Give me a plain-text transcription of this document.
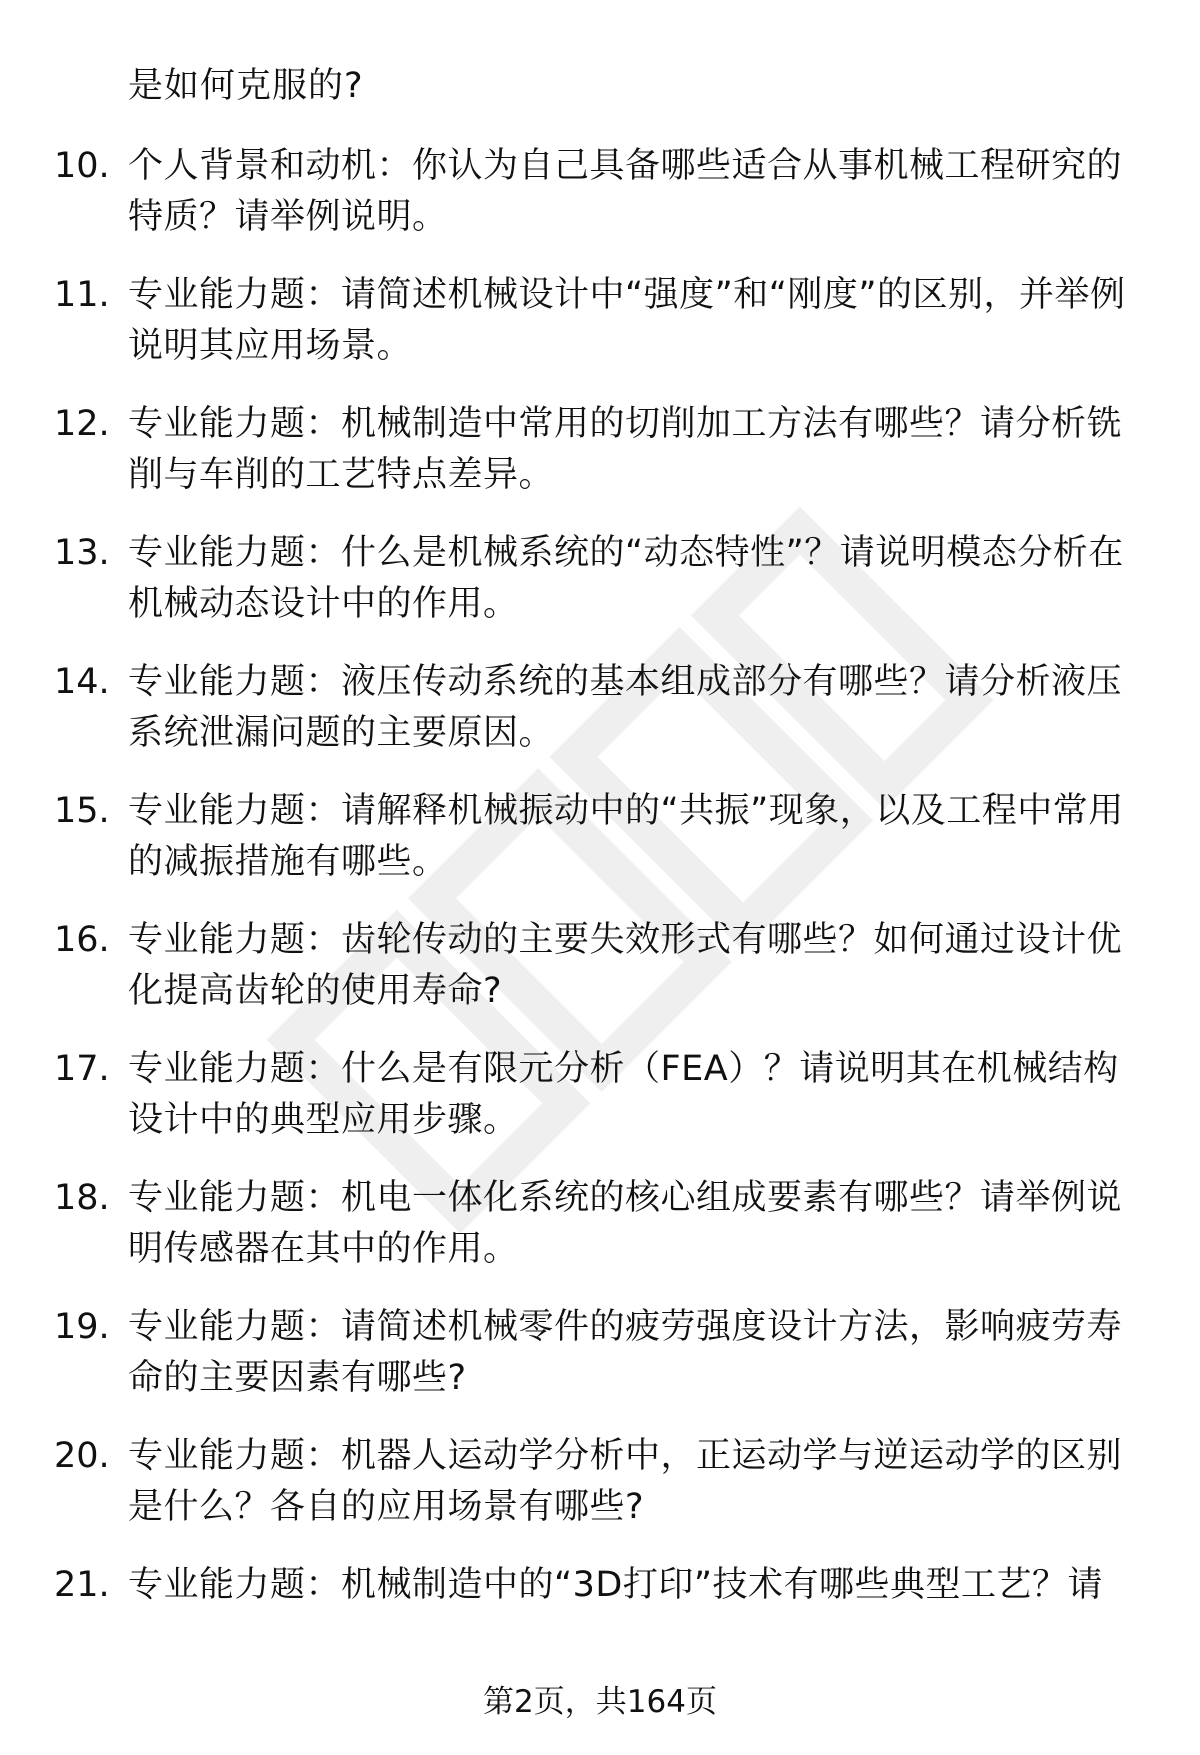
是如何克服的?
10. 个人背景和动机：你认为自己具备哪些适合从事机械工程研究的特质？请举例说明。
11. 专业能力题：请简述机械设计中“强度”和“刚度”的区别，并举例说明其应用场景。
12. 专业能力题：机械制造中常用的切削加工方法有哪些？请分析铣削与车削的工艺特点差异。
13. 专业能力题：什么是机械系统的“动态特性”？请说明模态分析在机械动态设计中的作用。
14. 专业能力题：液压传动系统的基本组成部分有哪些？请分析液压系统泄漏问题的主要原因。
15. 专业能力题：请解释机械振动中的“共振”现象，以及工程中常用的减振措施有哪些。
16. 专业能力题：齿轮传动的主要失效形式有哪些？如何通过设计优化提高齿轮的使用寿命?
17. 专业能力题：什么是有限元分析（FEA）？请说明其在机械结构设计中的典型应用步骤。
18. 专业能力题：机电一体化系统的核心组成要素有哪些？请举例说明传感器在其中的作用。
19. 专业能力题：请简述机械零件的疲劳强度设计方法，影响疲劳寿命的主要因素有哪些?
20. 专业能力题：机器人运动学分析中，正运动学与逆运动学的区别是什么？各自的应用场景有哪些?
21. 专业能力题：机械制造中的“3D打印”技术有哪些典型工艺？请
第2页，共164页
